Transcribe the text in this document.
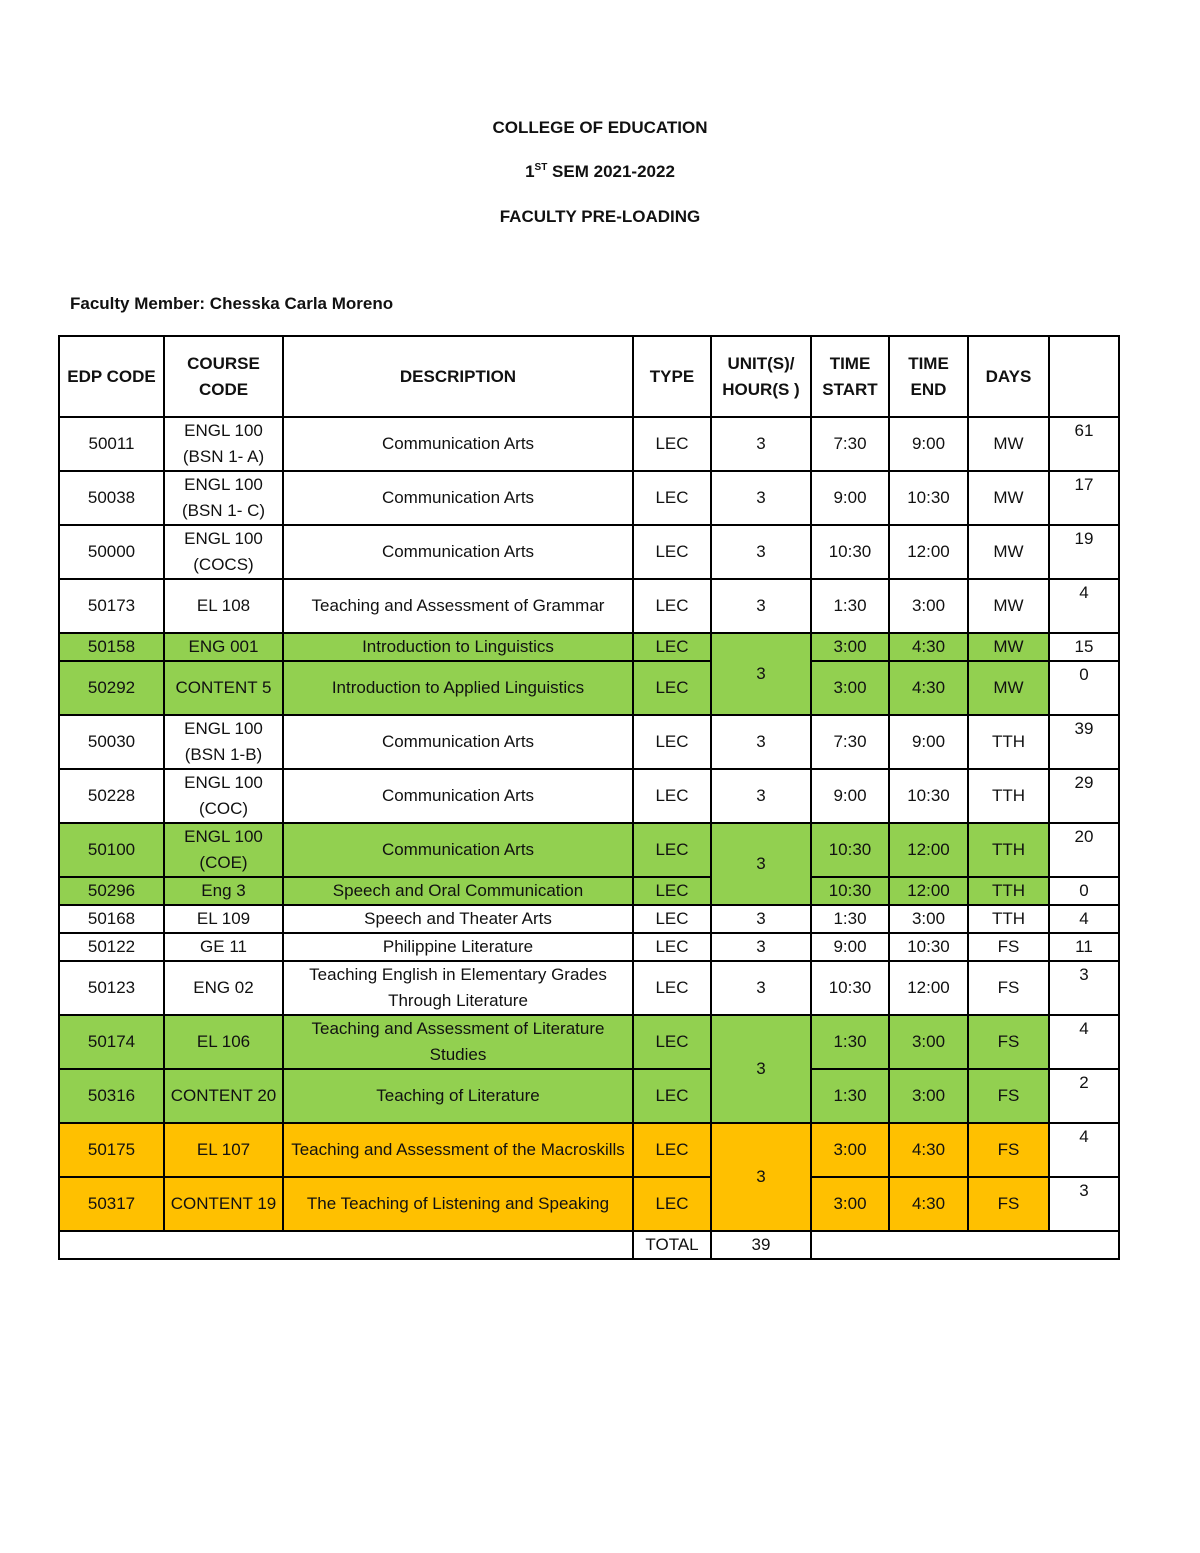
COLLEGE OF EDUCATION
1ST SEM 2021-2022
FACULTY PRE-LOADING
Faculty Member: Chesska Carla Moreno
EDP CODE	COURSE CODE	DESCRIPTION	TYPE	UNIT(S)/ HOUR(S )	TIME START	TIME END	DAYS	
50011	ENGL 100 (BSN 1- A)	Communication Arts	LEC	3	7:30	9:00	MW	61
50038	ENGL 100 (BSN 1- C)	Communication Arts	LEC	3	9:00	10:30	MW	17
50000	ENGL 100 (COCS)	Communication Arts	LEC	3	10:30	12:00	MW	19
50173	EL 108	Teaching and Assessment of Grammar	LEC	3	1:30	3:00	MW	4
50158	ENG 001	Introduction to Linguistics	LEC	3	3:00	4:30	MW	15
50292	CONTENT 5	Introduction to Applied Linguistics	LEC		3:00	4:30	MW	0
50030	ENGL 100 (BSN 1-B)	Communication Arts	LEC	3	7:30	9:00	TTH	39
50228	ENGL 100 (COC)	Communication Arts	LEC	3	9:00	10:30	TTH	29
50100	ENGL 100 (COE)	Communication Arts	LEC	3	10:30	12:00	TTH	20
50296	Eng 3	Speech and Oral Communication	LEC		10:30	12:00	TTH	0
50168	EL 109	Speech and Theater Arts	LEC	3	1:30	3:00	TTH	4
50122	GE 11	Philippine Literature	LEC	3	9:00	10:30	FS	11
50123	ENG 02	Teaching English in Elementary Grades Through Literature	LEC	3	10:30	12:00	FS	3
50174	EL 106	Teaching and Assessment of Literature Studies	LEC	3	1:30	3:00	FS	4
50316	CONTENT 20	Teaching of Literature	LEC		1:30	3:00	FS	2
50175	EL 107	Teaching and Assessment of the Macroskills	LEC	3	3:00	4:30	FS	4
50317	CONTENT 19	The Teaching of Listening and Speaking	LEC		3:00	4:30	FS	3
			TOTAL	39				
